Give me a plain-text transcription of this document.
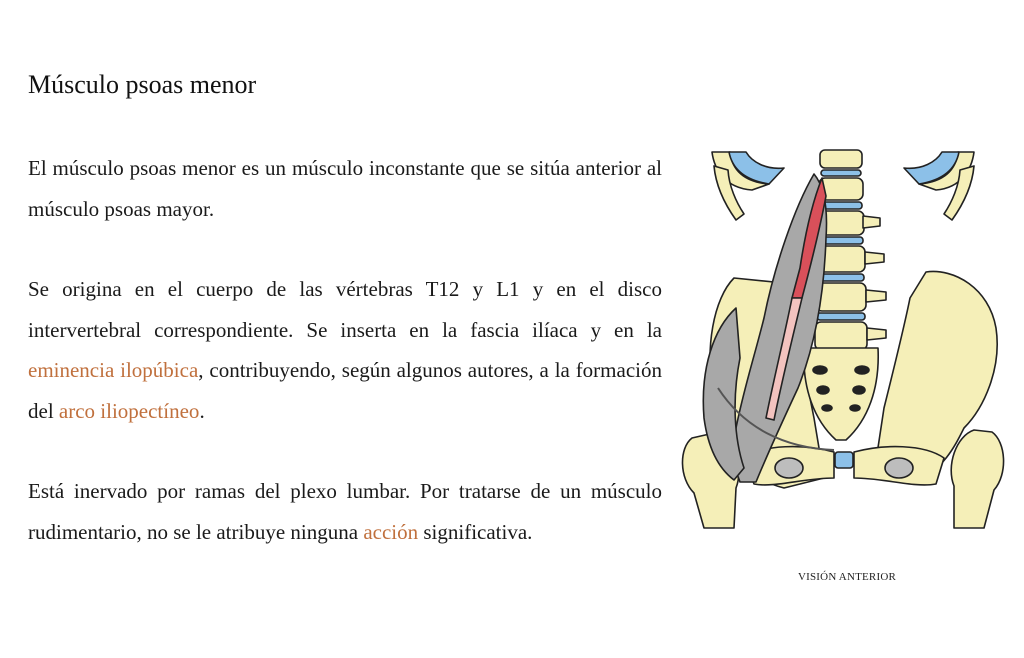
Músculo psoas menor

El músculo psoas menor es un músculo inconstante que se sitúa anterior al músculo psoas mayor.

Se origina en el cuerpo de las vértebras T12 y L1 y en el disco intervertebral correspondiente. Se inserta en la fascia ilíaca y en la eminencia ilopúbica, contribuyendo, según algunos autores, a la formación del arco iliopectíneo.

Está inervado por ramas del plexo lumbar. Por tratarse de un músculo rudimentario, no se le atribuye ninguna acción significativa.

VISIÓN ANTERIOR
